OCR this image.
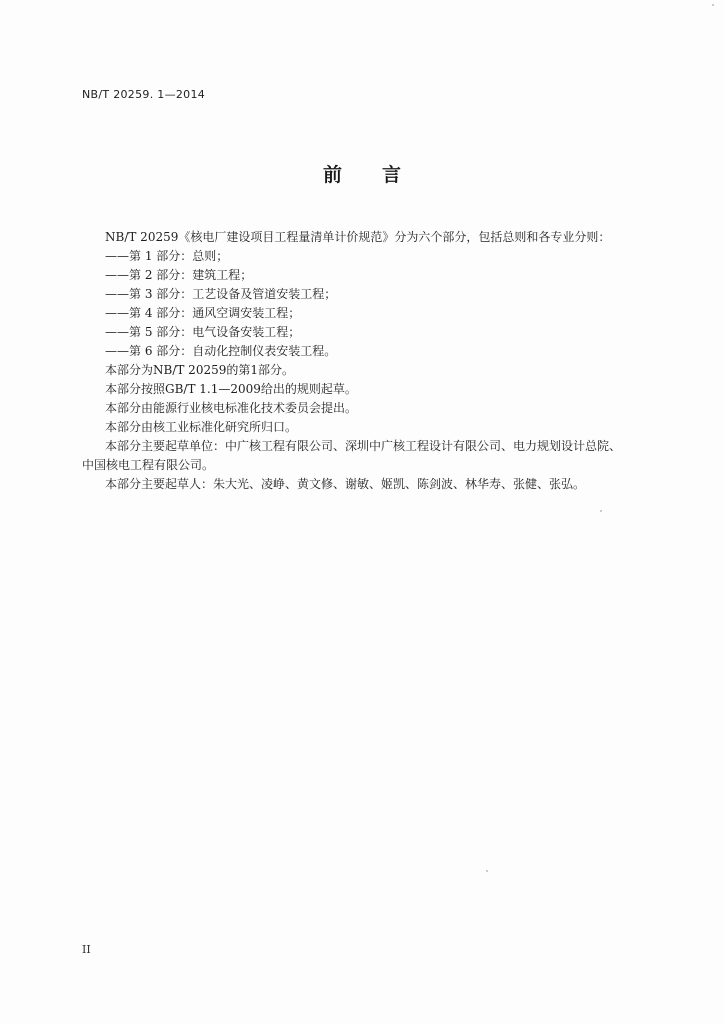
NB/T 20259. 1—2014
前 言
NB/T 20259《核电厂建设项目工程量清单计价规范》分为六个部分，包括总则和各专业分则：
——第 1 部分：总则；
——第 2 部分：建筑工程；
——第 3 部分：工艺设备及管道安装工程；
——第 4 部分：通风空调安装工程；
——第 5 部分：电气设备安装工程；
——第 6 部分：自动化控制仪表安装工程。
本部分为NB/T 20259的第1部分。
本部分按照GB/T 1.1—2009给出的规则起草。
本部分由能源行业核电标准化技术委员会提出。
本部分由核工业标准化研究所归口。
本部分主要起草单位：中广核工程有限公司、深圳中广核工程设计有限公司、电力规划设计总院、
中国核电工程有限公司。
本部分主要起草人：朱大光、凌峥、黄文修、谢敏、姬凯、陈剑波、林华寿、张健、张弘。
II
